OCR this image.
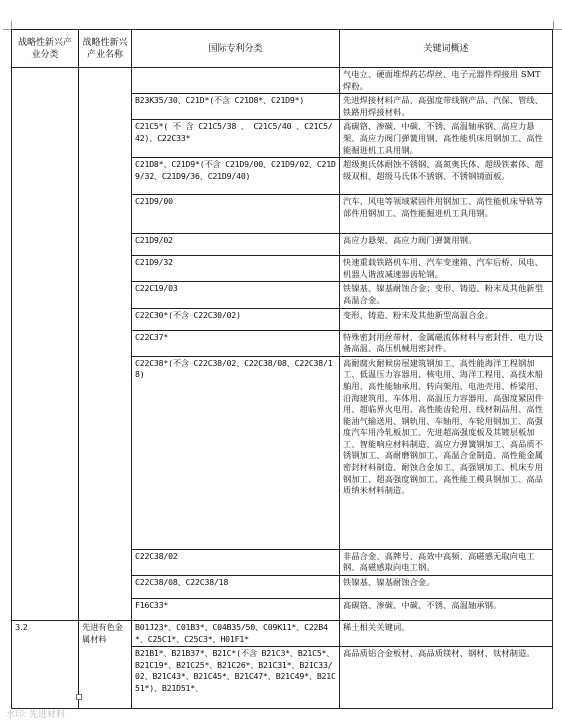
战略性新兴产业分类	战略性新兴产业名称	国际专利分类	关键词概述
			气电立、硬面堆焊药芯焊丝、电子元器件焊接用 SMT 焊粉。
		B23K35/30、C21D*(不含 C21D8*、C21D9*)	先进焊接材料产品、高强度带线钢产品、汽保、管线、铁路用焊接材料。
		C21C5*( 不 含 C21C5/38 、 C21C5/40 、C21C5/42)、C22C33*	高碳铬、渗碳、中碳、不锈、高温轴承钢、高应力悬架、高应力阀门弹簧用钢、高性能机床用钢加工、高性能掘进机工具用钢。
		C21D8*、C21D9*(不含 C21D9/00、C21D9/02、C21D9/32、C21D9/36、C21D9/40)	超级奥氏体耐蚀不锈钢、高氮奥氏体、超级铁素体、超级双相、超级马氏体不锈钢、不锈钢镜面板。
		C21D9/00	汽车、风电等领域紧固件用钢加工、高性能机床导轨等部件用钢加工、高性能掘进机工具用钢。
		C21D9/02	高应力悬架、高应力阀门弹簧用钢。
		C21D9/32	快速重载铁路机车用、汽车变速箱、汽车后桥、风电、机器人谐波减速器齿轮钢。
		C22C19/03	铁镍基、镍基耐蚀合金；变形、铸造、粉末及其他新型高温合金。
		C22C30*(不含 C22C30/02)	变形、铸造、粉末及其他新型高温合金。
		C22C37*	特殊密封用丝带材、金属磁流体材料与密封件、电力设备高温、高压机械用密封件。
		C22C38*(不含 C22C38/02、C22C38/08、C22C38/18)	高耐腐火耐候房屋建筑钢加工、高性能海洋工程钢加工、低温压力容器用、核电用、海洋工程用、高技术船舶用、高性能轴承用、转向架用、电池壳用、桥梁用、沿海建筑用、车体用、高温压力容器用、高强度紧固件用、超临界火电用、高性能齿轮用、线材制品用、高性能油气输送用、钢轨用、车轴用、车轮用钢加工、高强度汽车用冷轧板加工、先进超高强度板及其镀层板加工、智能响应材料制造、高应力弹簧钢加工、高品质不锈钢加工、高耐磨钢加工、高温合金制造、高性能金属密封材料制造、耐蚀合金加工、高强钢加工、机床专用钢加工、超高强度钢加工、高性能工模具钢加工、高品质纳米材料制造。
		C22C38/02	非晶合金、高牌号、高效中高频、高磁感无取向电工钢、高磁感取向电工钢。
		C22C38/08、C22C38/18	铁镍基、镍基耐蚀合金。
		F16C33*	高碳铬、渗碳、中碳、不锈、高温轴承钢。
3.2	先进有色金属材料	B01J23*、C01B3*、C04B35/50、C09K11*、C22B4*、C25C1*、C25C3*、H01F1*	稀土相关关键词。
		B21B1*、B21B37*、B21C*(不含 B21C3*、B21C5*、B21C19*、B21C25*、B21C26*、B21C31*、B21C33/02、B21C43*、B21C45*、B21C47*、B21C49*、B21C51*)、B21D51*、	高品质铝合金板材、高品质镁材、钢材、钛材制造。
水印: 先进材料
